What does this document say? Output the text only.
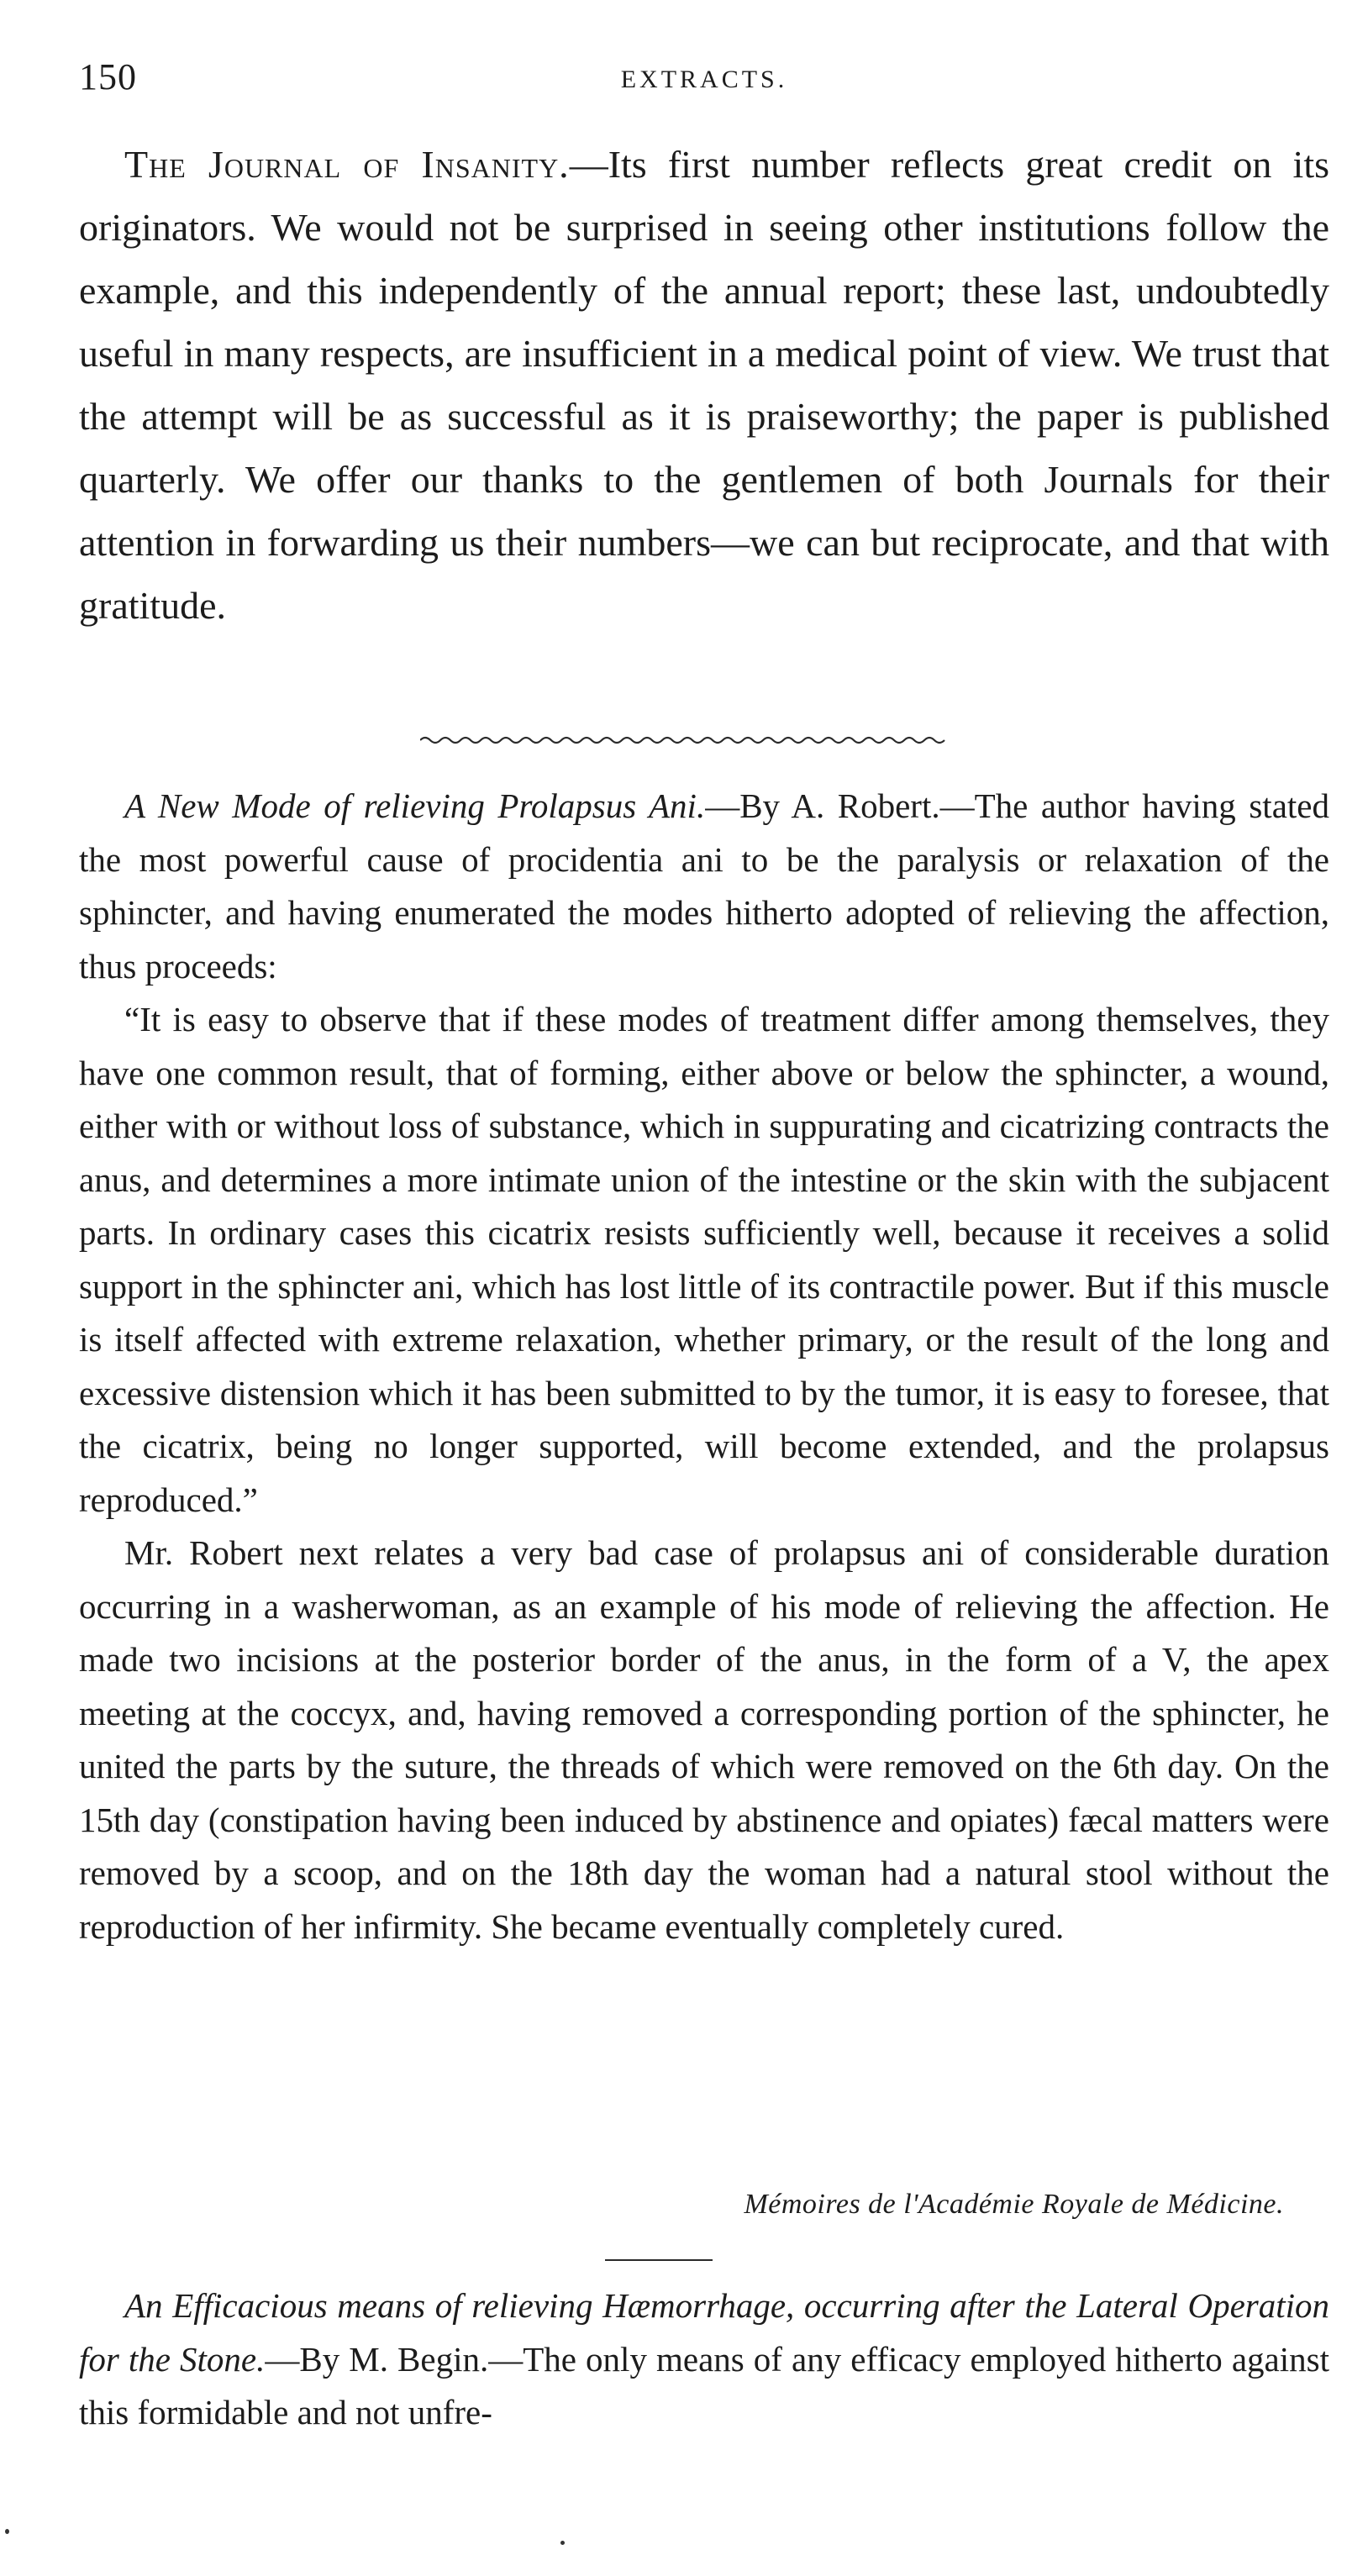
150	EXTRACTS.

The Journal of Insanity.—Its first number reflects great credit on its originators. We would not be surprised in seeing other institutions follow the example, and this independently of the annual report; these last, undoubtedly useful in many respects, are insufficient in a medical point of view. We trust that the attempt will be as successful as it is praiseworthy; the paper is published quarterly. We offer our thanks to the gentlemen of both Journals for their attention in forwarding us their numbers—we can but reciprocate, and that with gratitude.

A New Mode of relieving Prolapsus Ani.—By A. Robert.—The author having stated the most powerful cause of procidentia ani to be the paralysis or relaxation of the sphincter, and having enumerated the modes hitherto adopted of relieving the affection, thus proceeds:

“It is easy to observe that if these modes of treatment differ among themselves, they have one common result, that of forming, either above or below the sphincter, a wound, either with or without loss of substance, which in suppurating and cicatrizing contracts the anus, and determines a more intimate union of the intestine or the skin with the subjacent parts. In ordinary cases this cicatrix resists sufficiently well, because it receives a solid support in the sphincter ani, which has lost little of its contractile power. But if this muscle is itself affected with extreme relaxation, whether primary, or the result of the long and excessive distension which it has been submitted to by the tumor, it is easy to foresee, that the cicatrix, being no longer supported, will become extended, and the prolapsus reproduced.”

Mr. Robert next relates a very bad case of prolapsus ani of considerable duration occurring in a washerwoman, as an example of his mode of relieving the affection. He made two incisions at the posterior border of the anus, in the form of a V, the apex meeting at the coccyx, and, having removed a corresponding portion of the sphincter, he united the parts by the suture, the threads of which were removed on the 6th day. On the 15th day (constipation having been induced by abstinence and opiates) fæcal matters were removed by a scoop, and on the 18th day the woman had a natural stool without the reproduction of her infirmity. She became eventually completely cured.

Mémoires de l'Académie Royale de Médicine.

An Efficacious means of relieving Hæmorrhage, occurring after the Lateral Operation for the Stone.—By M. Begin.—The only means of any efficacy employed hitherto against this formidable and not unfre-
